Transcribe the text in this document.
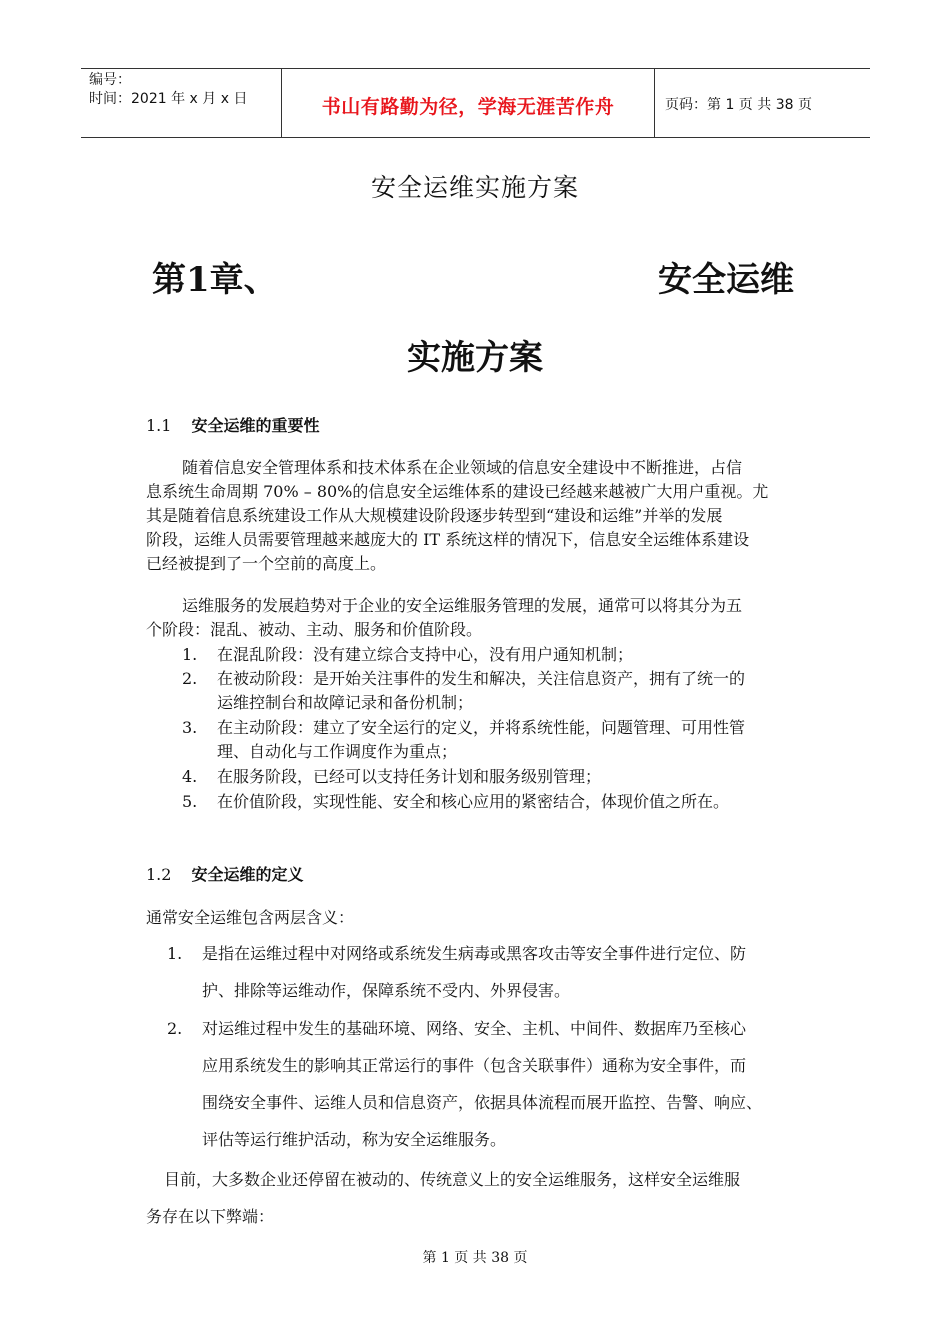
编号：
时间：2021 年 x 月 x 日	书山有路勤为径，学海无涯苦作舟	页码：第 1 页 共 38 页
安全运维实施方案
第1章、	安全运维
实施方案
1.1 安全运维的重要性
随着信息安全管理体系和技术体系在企业领域的信息安全建设中不断推进，占信
息系统生命周期 70% – 80%的信息安全运维体系的建设已经越来越被广大用户重视。尤
其是随着信息系统建设工作从大规模建设阶段逐步转型到“建设和运维”并举的发展
阶段，运维人员需要管理越来越庞大的 IT 系统这样的情况下，信息安全运维体系建设
已经被提到了一个空前的高度上。
运维服务的发展趋势对于企业的安全运维服务管理的发展，通常可以将其分为五
个阶段：混乱、被动、主动、服务和价值阶段。
1. 在混乱阶段：没有建立综合支持中心，没有用户通知机制；
2. 在被动阶段：是开始关注事件的发生和解决，关注信息资产，拥有了统一的
运维控制台和故障记录和备份机制；
3. 在主动阶段：建立了安全运行的定义，并将系统性能，问题管理、可用性管
理、自动化与工作调度作为重点；
4. 在服务阶段，已经可以支持任务计划和服务级别管理；
5. 在价值阶段，实现性能、安全和核心应用的紧密结合，体现价值之所在。
1.2 安全运维的定义
通常安全运维包含两层含义：
1. 是指在运维过程中对网络或系统发生病毒或黑客攻击等安全事件进行定位、防
护、排除等运维动作，保障系统不受内、外界侵害。
2. 对运维过程中发生的基础环境、网络、安全、主机、中间件、数据库乃至核心
应用系统发生的影响其正常运行的事件（包含关联事件）通称为安全事件，而
围绕安全事件、运维人员和信息资产，依据具体流程而展开监控、告警、响应、
评估等运行维护活动，称为安全运维服务。
目前，大多数企业还停留在被动的、传统意义上的安全运维服务，这样安全运维服
务存在以下弊端：
第 1 页 共 38 页
